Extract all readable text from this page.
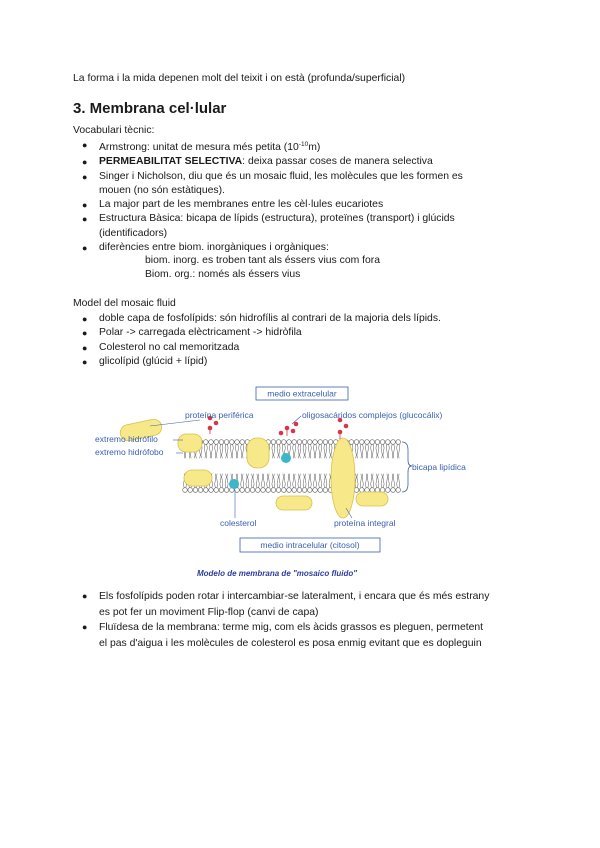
La forma i la mida depenen molt del teixit i on està (profunda/superficial)
3. Membrana cel·lular
Vocabulari tècnic:
● Armstrong: unitat de mesura més petita $(10^{-10}m)$
● PERMEABILITAT SELECTIVA: deixa passar coses de manera selectiva
● Singer i Nicholson, diu que és un mosaic fluid, les molècules que les formen es
mouen (no són estàtiques).
● La major part de les membranes entre les cèl·lules eucariotes
● Estructura Bàsica: bicapa de lípids (estructura), proteïnes (transport) i glúcids
(identificadors)
● diferències entre biom. inorgàniques i orgàniques:
biom. inorg. es troben tant als éssers vius com fora
Biom. org.: només als éssers vius
Model del mosaic fluid
● doble capa de fosfolípids: són hidrofílis al contrari de la majoria dels lípids.
● Polar -> carregada elèctricament -> hidròfila
● Colesterol no cal memoritzada
● glicolípid (glúcid + lípid)
medio extracelular
proteína periférica	oligosacáridos complejos (glucocálix)
extremo hidrófilo
extremo hidrófobo
bicapa lipídica
colesterol	proteína integral
medio intracelular (citosol)
Modelo de membrana de "mosaico fluido"
● Els fosfolípids poden rotar i intercambiar-se lateralment, i encara que és més estrany
es pot fer un moviment Flip-flop (canvi de capa)
● Fluïdesa de la membrana: terme mig, com els àcids grassos es pleguen, permetent
el pas d'aigua i les molècules de colesterol es posa enmig evitant que es dopleguin
